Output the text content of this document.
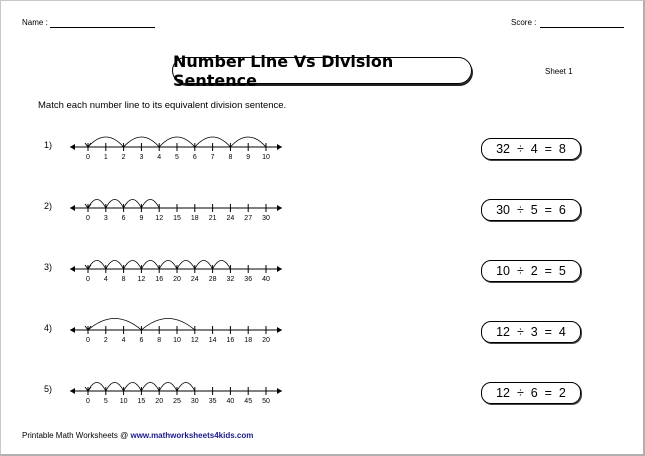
Name :	Score :
Number Line Vs Division Sentence	Sheet 1
Match each number line to its equivalent division sentence.
1)
0 1 2 3 4 5 6 7 8 9 10
32  ÷  4  =  8
2)
0 3 6 9 12 15 18 21 24 27 30
30  ÷  5  =  6
3)
0 4 8 12 16 20 24 28 32 36 40
10  ÷  2  =  5
4)
0 2 4 6 8 10 12 14 16 18 20
12  ÷  3  =  4
5)
0 5 10 15 20 25 30 35 40 45 50
12  ÷  6  =  2
Printable Math Worksheets @ www.mathworksheets4kids.com
